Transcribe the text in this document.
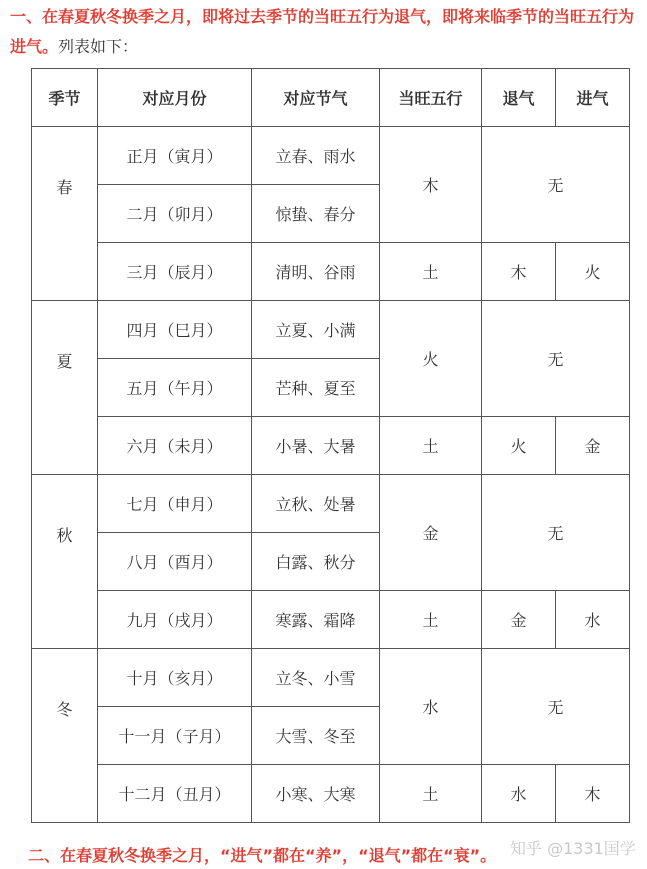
一、在春夏秋冬换季之月，即将过去季节的当旺五行为退气，即将来临季节的当旺五行为进气。列表如下：
季节	对应月份	对应节气	当旺五行	退气	进气
春	正月（寅月）	立春、雨水	木	无	
	二月（卯月）	惊蛰、春分			
	三月（辰月）	清明、谷雨	土	木	火
夏	四月（巳月）	立夏、小满	火	无	
	五月（午月）	芒种、夏至			
	六月（未月）	小暑、大暑	土	火	金
秋	七月（申月）	立秋、处暑	金	无	
	八月（酉月）	白露、秋分			
	九月（戌月）	寒露、霜降	土	金	水
冬	十月（亥月）	立冬、小雪	水	无	
	十一月（子月）	大雪、冬至			
	十二月（丑月）	小寒、大寒	土	水	木
二、在春夏秋冬换季之月，“进气”都在“养”，“退气”都在“衰”。 知乎 @1331国学
